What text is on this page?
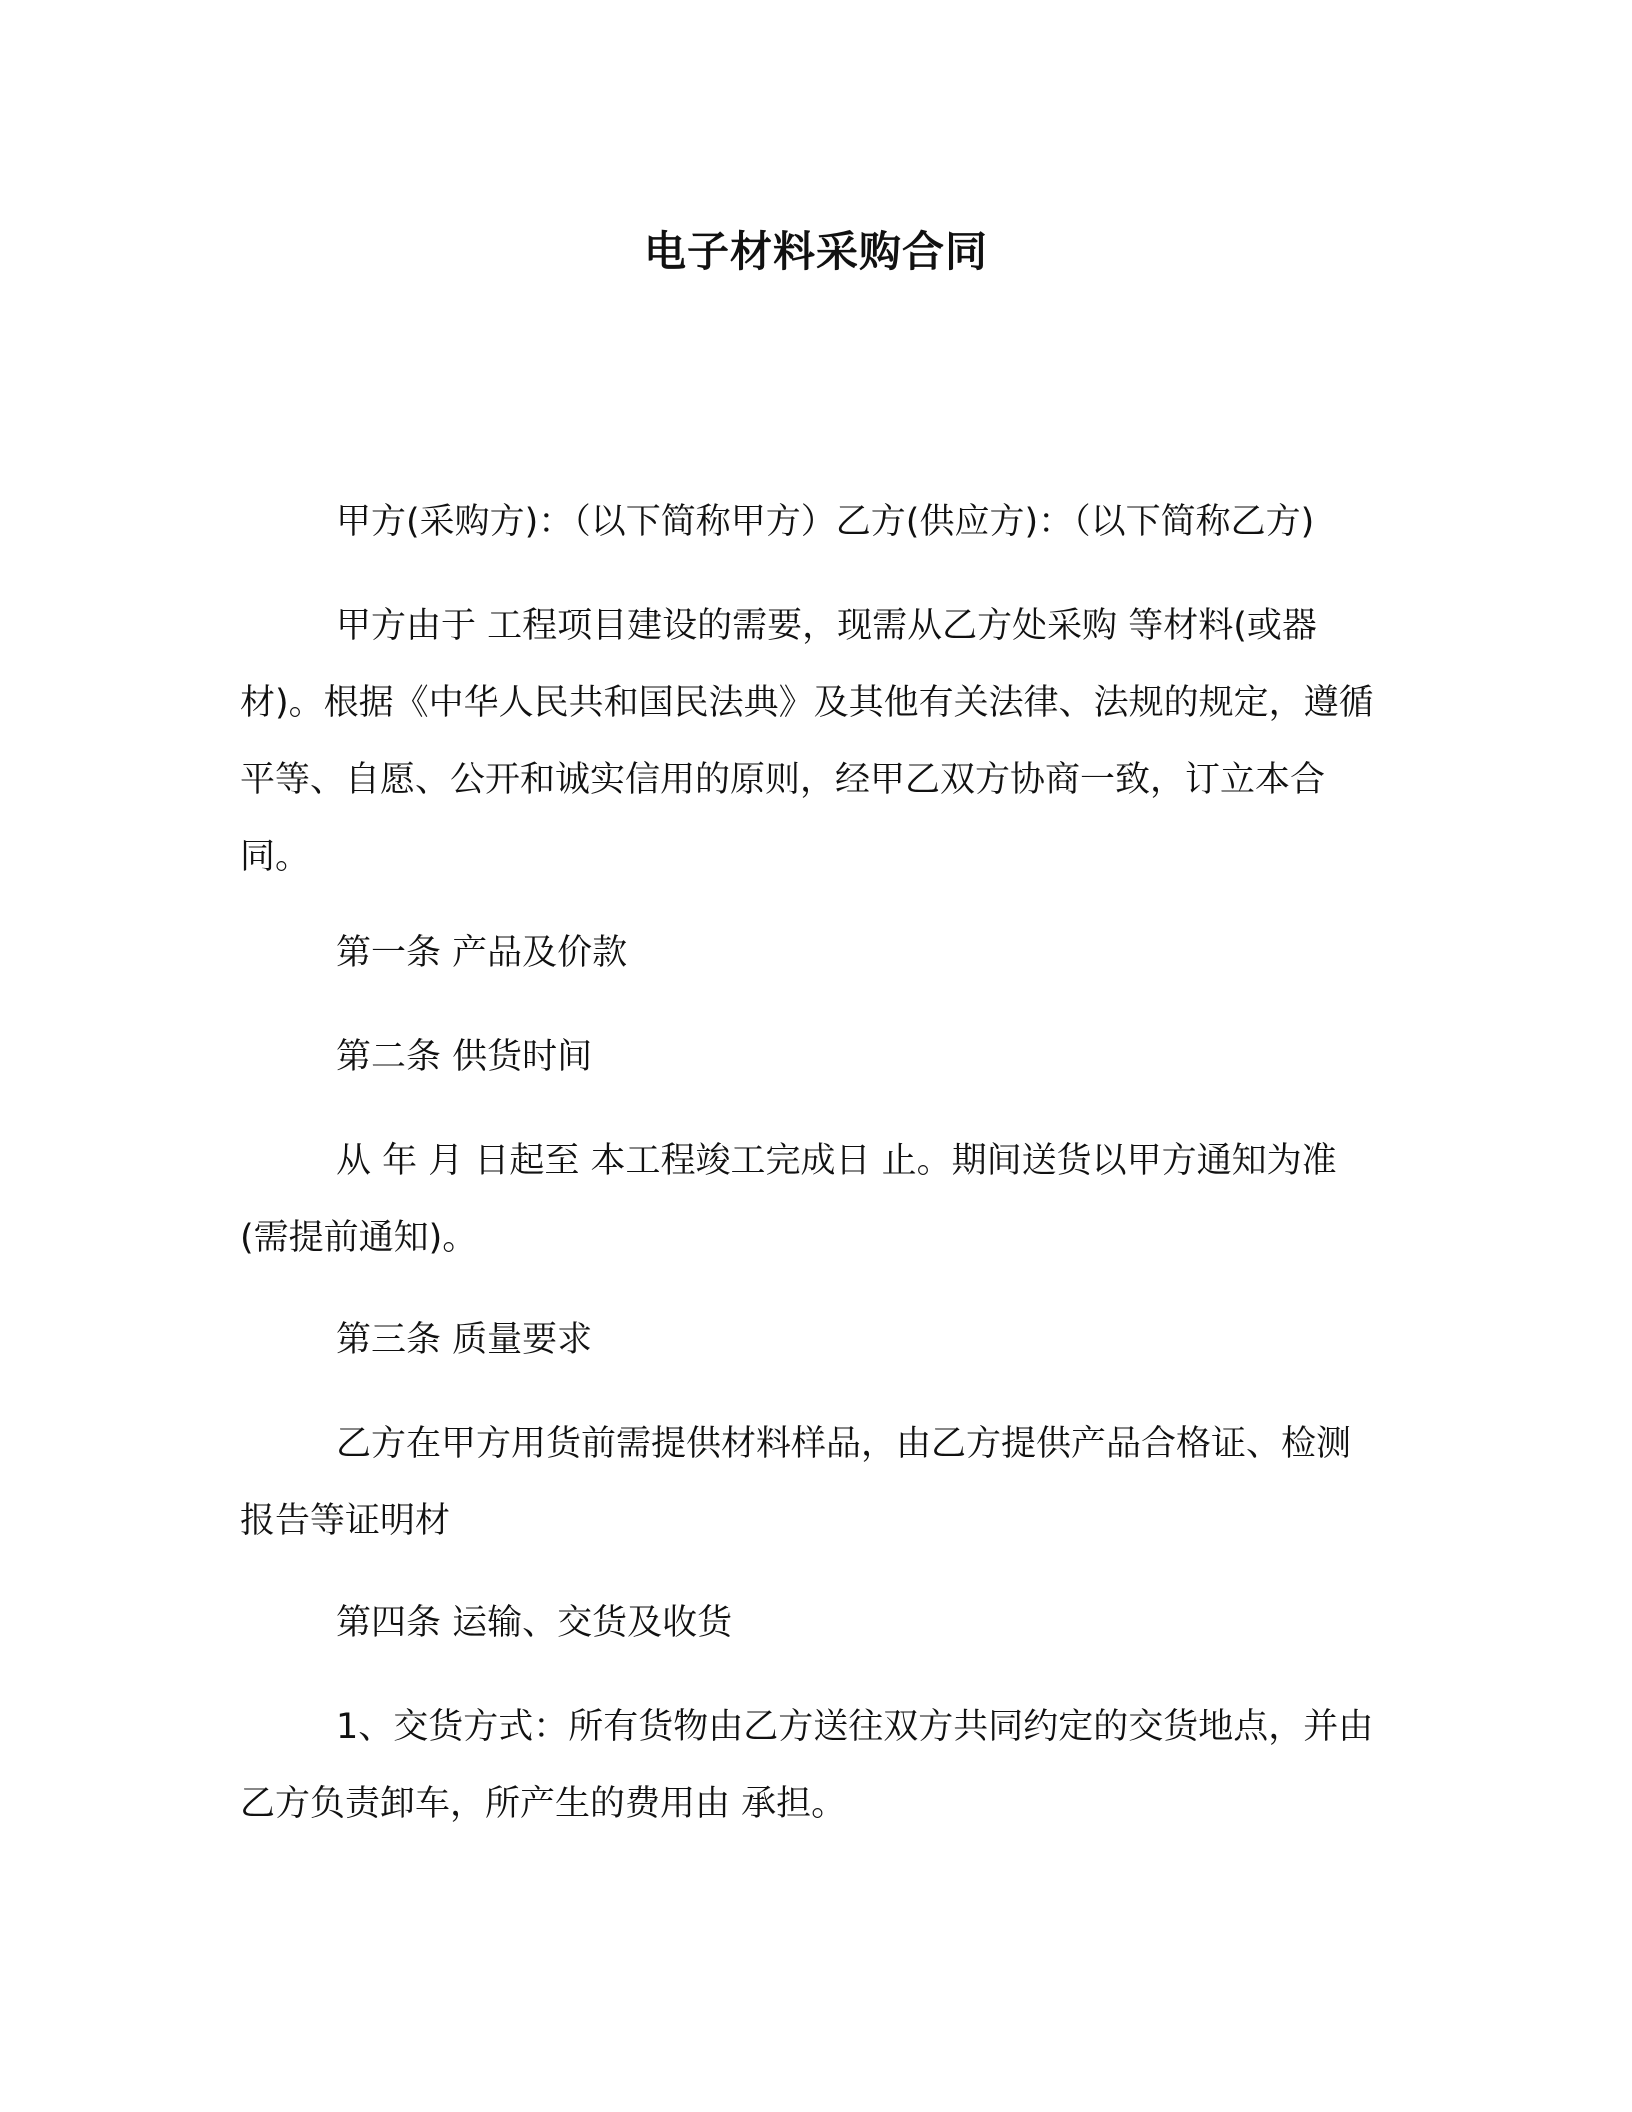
电子材料采购合同

甲方(采购方)：（以下简称甲方）乙方(供应方)：（以下简称乙方)

甲方由于 工程项目建设的需要，现需从乙方处采购 等材料(或器材)。根据《中华人民共和国民法典》及其他有关法律、法规的规定，遵循平等、自愿、公开和诚实信用的原则，经甲乙双方协商一致，订立本合同。

第一条 产品及价款

第二条 供货时间

从 年 月 日起至 本工程竣工完成日 止。期间送货以甲方通知为准(需提前通知)。

第三条 质量要求

乙方在甲方用货前需提供材料样品，由乙方提供产品合格证、检测报告等证明材

第四条 运输、交货及收货

1、交货方式：所有货物由乙方送往双方共同约定的交货地点，并由乙方负责卸车，所产生的费用由 承担。
